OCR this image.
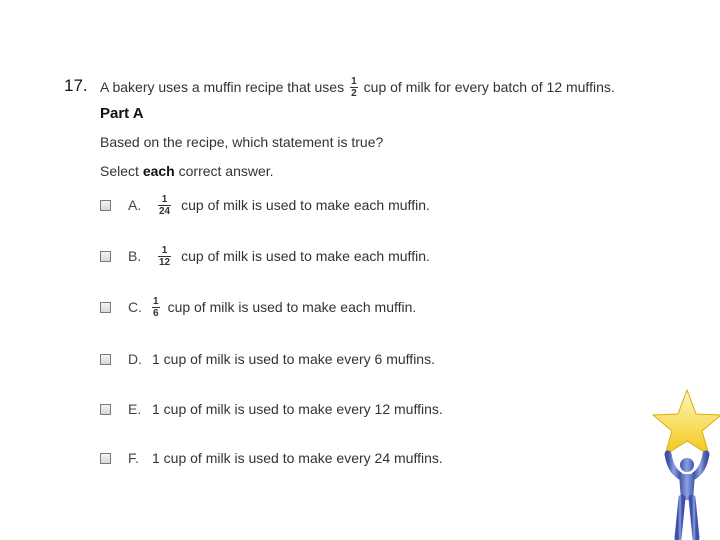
17. A bakery uses a muffin recipe that uses $\frac{1}{2}$ cup of milk for every batch of 12 muffins.
Part A
Based on the recipe, which statement is true?
Select each correct answer.
A.	$\frac{1}{24}$ cup of milk is used to make each muffin.
B.	$\frac{1}{12}$ cup of milk is used to make each muffin.
C.	$\frac{1}{6}$ cup of milk is used to make each muffin.
D. 1 cup of milk is used to make every 6 muffins.
E. 1 cup of milk is used to make every 12 muffins.
F. 1 cup of milk is used to make every 24 muffins.
